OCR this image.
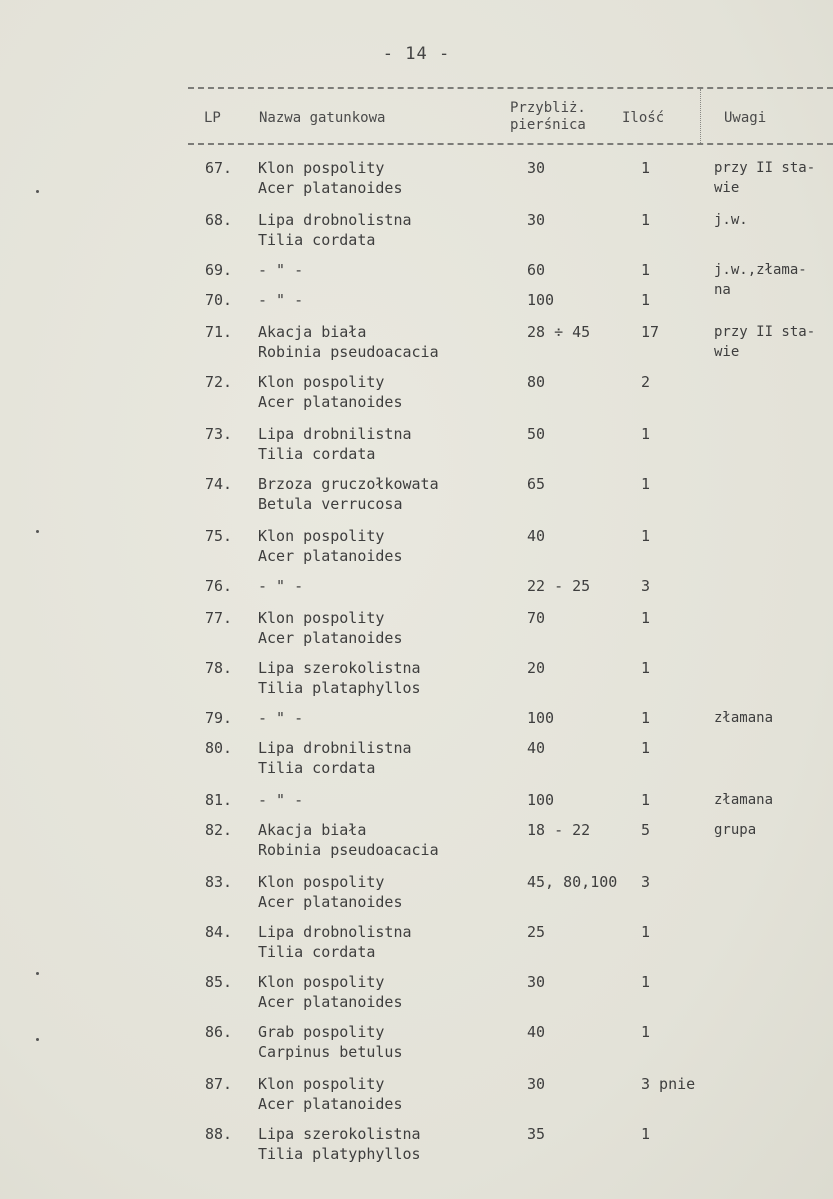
- 14 -
LP	Nazwa gatunkowa
Przybliż.
pierśnica	Ilość	Uwagi
67.	Klon pospolity
Acer platanoides
30	1	przy II sta-
wie
68.	Lipa drobnolistna
Tilia cordata
30	1	j.w.
69.	- " -	60	1	j.w.,złama-
na
70.	- " -	100	1
71.	Akacja biała
Robinia pseudoacacia
28 ÷ 45	17	przy II sta-
wie
72.	Klon pospolity
Acer platanoides
80	2
73.	Lipa drobnilistna
Tilia cordata
50	1
74.	Brzoza gruczołkowata
Betula verrucosa
65	1
75.	Klon pospolity
Acer platanoides
40	1
76.	- " -	22 - 25	3
77.	Klon pospolity
Acer platanoides
70	1
78.	Lipa szerokolistna
Tilia plataphyllos
20	1
79.	- " -	100	1	złamana
80.	Lipa drobnilistna
Tilia cordata
40	1
81.	- " -	100	1	złamana
82.	Akacja biała
Robinia pseudoacacia
18 - 22	5	grupa
83.	Klon pospolity
Acer platanoides
45, 80,100	3
84.	Lipa drobnolistna
Tilia cordata
25	1
85.	Klon pospolity
Acer platanoides
30	1
86.	Grab pospolity
Carpinus betulus
40	1
87.	Klon pospolity
Acer platanoides
30	3 pnie
88.	Lipa szerokolistna
Tilia platyphyllos
35	1
